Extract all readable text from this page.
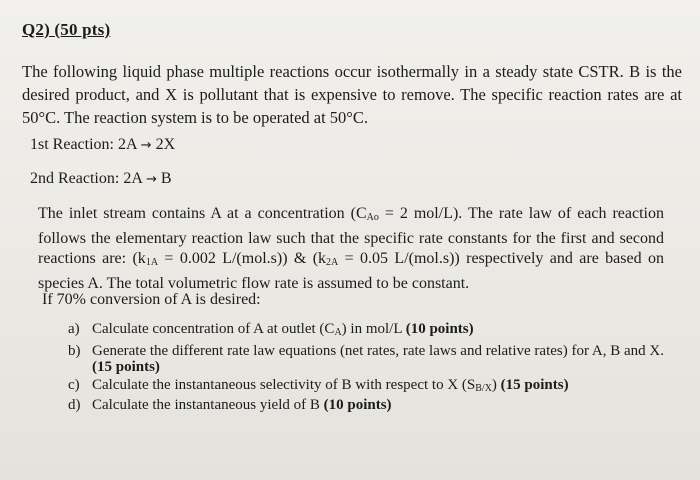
Q2) (50 pts)
The following liquid phase multiple reactions occur isothermally in a steady state CSTR. B is the desired product, and X is pollutant that is expensive to remove. The specific reaction rates are at 50°C. The reaction system is to be operated at 50°C.
1st Reaction: 2A → 2X
2nd Reaction: 2A → B
The inlet stream contains A at a concentration ($C_{Ao} = 2$ mol/L). The rate law of each reaction follows the elementary reaction law such that the specific rate constants for the first and second reactions are: ($k_{1A} = 0.002$ L/(mol.s)) & ($k_{2A} = 0.05$ L/(mol.s)) respectively and are based on species A. The total volumetric flow rate is assumed to be constant.
If 70% conversion of A is desired:
a) Calculate concentration of A at outlet $(C_A)$ in mol/L (10 points)
b) Generate the different rate law equations (net rates, rate laws and relative rates) for A, B and X. (15 points)
c) Calculate the instantaneous selectivity of B with respect to X $(S_{B/X})$ (15 points)
d) Calculate the instantaneous yield of B (10 points)
